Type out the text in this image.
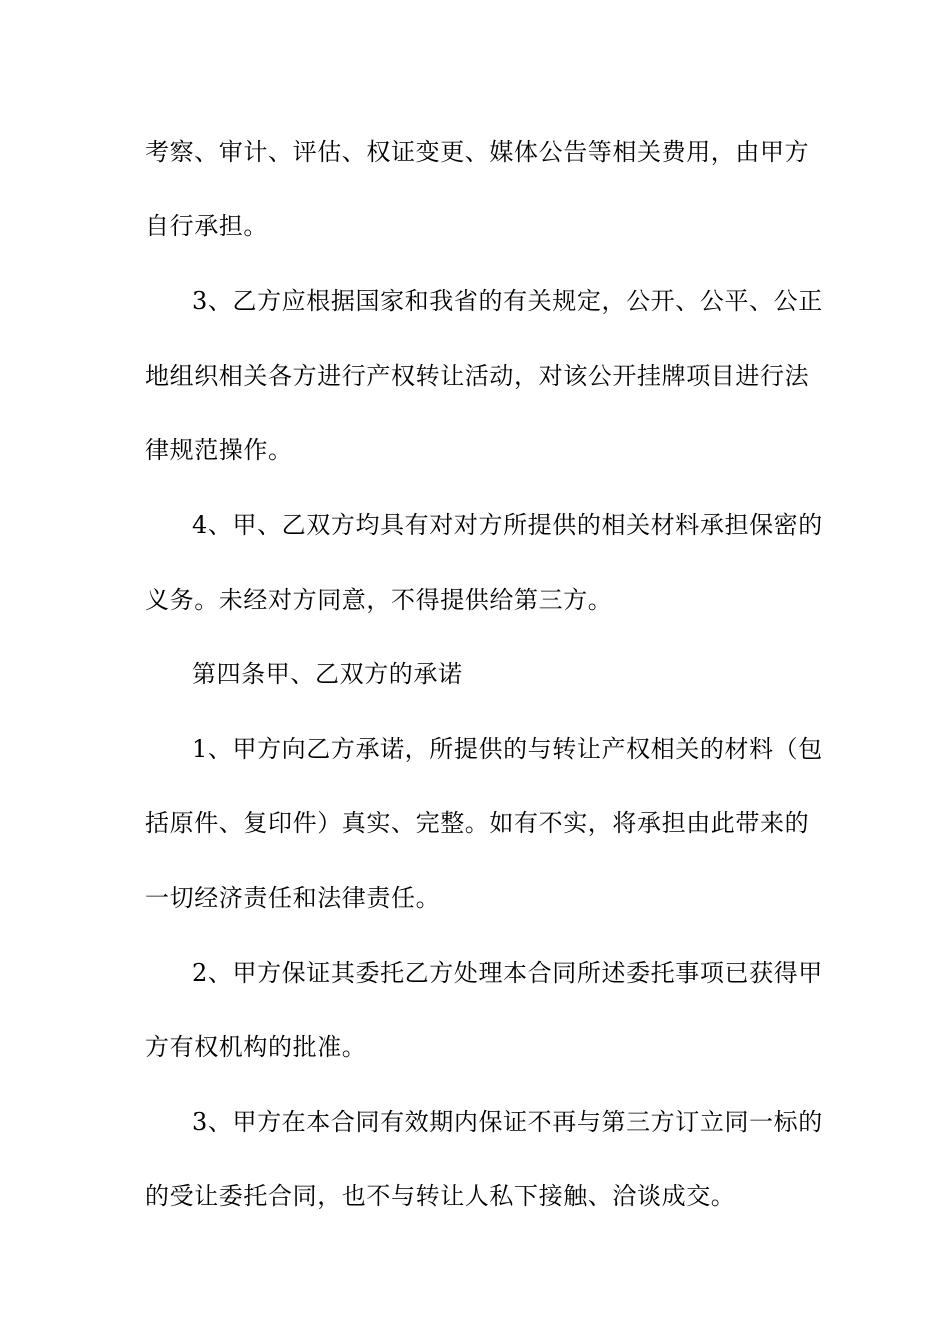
考察、审计、评估、权证变更、媒体公告等相关费用，由甲方
自行承担。
3、乙方应根据国家和我省的有关规定，公开、公平、公正
地组织相关各方进行产权转让活动，对该公开挂牌项目进行法
律规范操作。
4、甲、乙双方均具有对对方所提供的相关材料承担保密的
义务。未经对方同意，不得提供给第三方。
第四条甲、乙双方的承诺
1、甲方向乙方承诺，所提供的与转让产权相关的材料（包
括原件、复印件）真实、完整。如有不实，将承担由此带来的
一切经济责任和法律责任。
2、甲方保证其委托乙方处理本合同所述委托事项已获得甲
方有权机构的批准。
3、甲方在本合同有效期内保证不再与第三方订立同一标的
的受让委托合同，也不与转让人私下接触、洽谈成交。
